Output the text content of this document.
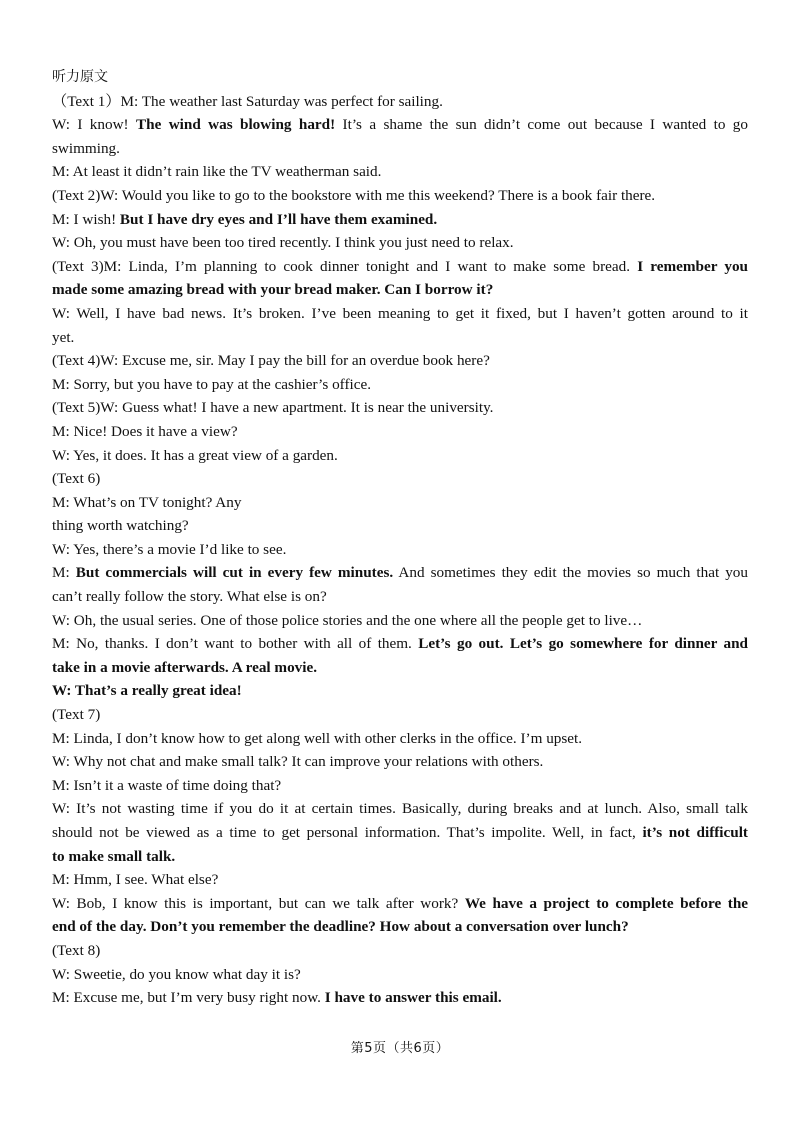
听力原文
（Text 1）M: The weather last Saturday was perfect for sailing.
W: I know! The wind was blowing hard! It’s a shame the sun didn’t come out because I wanted to go
swimming.
M: At least it didn’t rain like the TV weatherman said.
(Text 2)W: Would you like to go to the bookstore with me this weekend? There is a book fair there.
M: I wish! But I have dry eyes and I’ll have them examined.
W: Oh, you must have been too tired recently. I think you just need to relax.
(Text 3)M: Linda, I’m planning to cook dinner tonight and I want to make some bread. I remember you
made some amazing bread with your bread maker. Can I borrow it?
W: Well, I have bad news. It’s broken. I’ve been meaning to get it fixed, but I haven’t gotten around to it
yet.
(Text 4)W: Excuse me, sir. May I pay the bill for an overdue book here?
M: Sorry, but you have to pay at the cashier’s office.
(Text 5)W: Guess what! I have a new apartment. It is near the university.
M: Nice! Does it have a view?
W: Yes, it does. It has a great view of a garden.
(Text 6)
M: What’s on TV tonight? Any
thing worth watching?
W: Yes, there’s a movie I’d like to see.
M: But commercials will cut in every few minutes. And sometimes they edit the movies so much that you
can’t really follow the story. What else is on?
W: Oh, the usual series. One of those police stories and the one where all the people get to live…
M: No, thanks. I don’t want to bother with all of them. Let’s go out. Let’s go somewhere for dinner and
take in a movie afterwards. A real movie.
W: That’s a really great idea!
(Text 7)
M: Linda, I don’t know how to get along well with other clerks in the office. I’m upset.
W: Why not chat and make small talk? It can improve your relations with others.
M: Isn’t it a waste of time doing that?
W: It’s not wasting time if you do it at certain times. Basically, during breaks and at lunch. Also, small talk
should not be viewed as a time to get personal information. That’s impolite. Well, in fact, it’s not difficult
to make small talk.
M: Hmm, I see. What else?
W: Bob, I know this is important, but can we talk after work? We have a project to complete before the
end of the day. Don’t you remember the deadline? How about a conversation over lunch?
(Text 8)
W: Sweetie, do you know what day it is?
M: Excuse me, but I’m very busy right now. I have to answer this email.
第5页（共6页）
